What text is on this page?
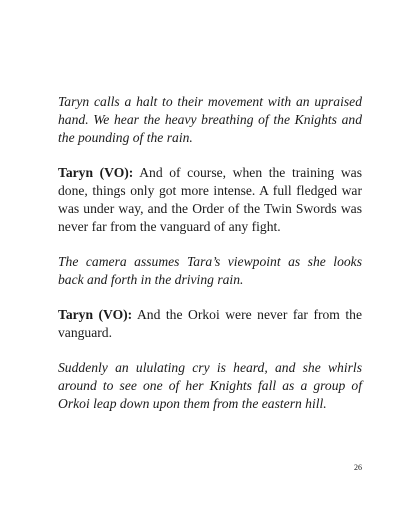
Taryn calls a halt to their movement with an upraised hand. We hear the heavy breathing of the Knights and the pounding of the rain.

Taryn (VO): And of course, when the training was done, things only got more intense. A full fledged war was under way, and the Order of the Twin Swords was never far from the vanguard of any fight.

The camera assumes Tara’s viewpoint as she looks back and forth in the driving rain.

Taryn (VO): And the Orkoi were never far from the vanguard.

Suddenly an ululating cry is heard, and she whirls around to see one of her Knights fall as a group of Orkoi leap down upon them from the eastern hill.

26
